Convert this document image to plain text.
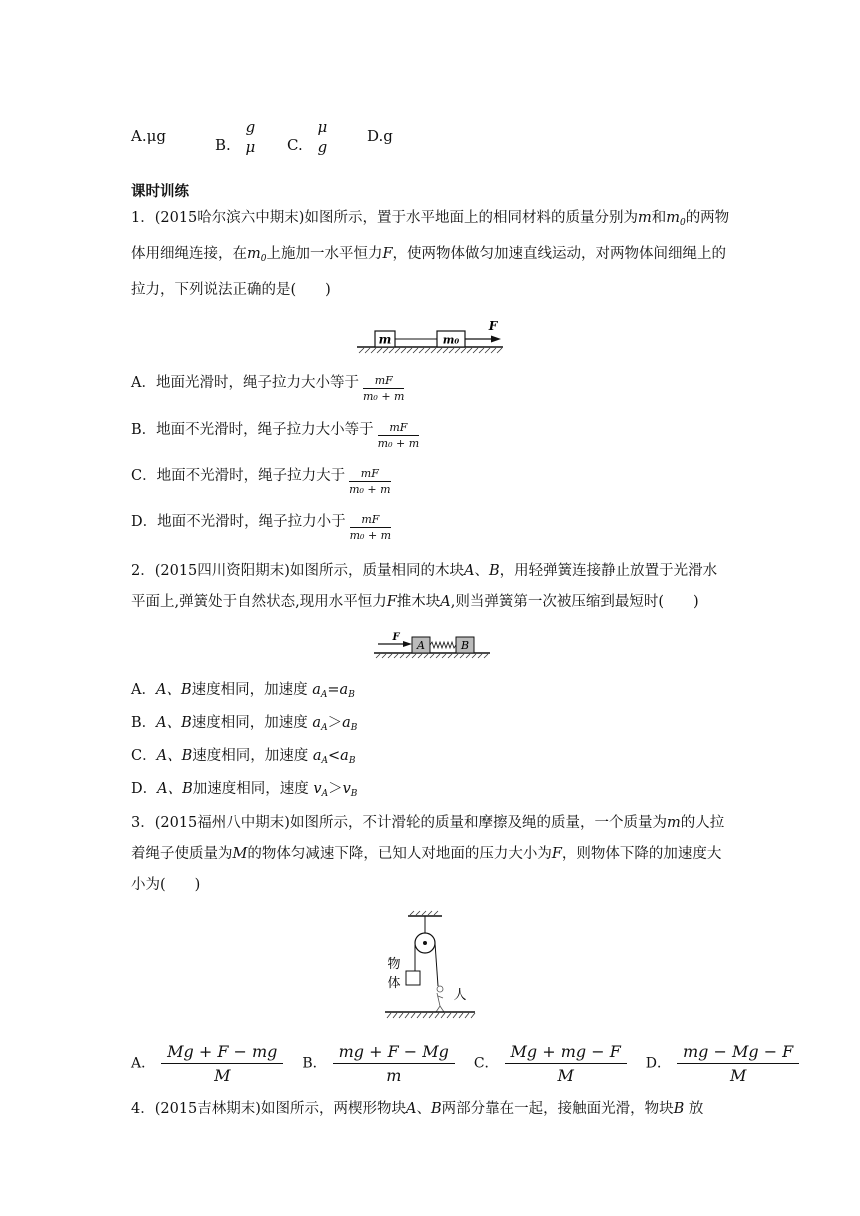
A.μg	B.
g
μ	C.
μ
g
D.g
课时训练
1．(2015哈尔滨六中期末)如图所示，置于水平地面上的相同材料的质量分别为m和$m_0$的两物体用细绳连接，在$m_0$上施加一水平恒力F，使两物体做匀加速直线运动，对两物体间细绳上的拉力，下列说法正确的是(　　)
m	m₀
F
A．地面光滑时，绳子拉力大小等于 $\frac{mF}{\text{m₀ + m}}$
B．地面不光滑时，绳子拉力大小等于 $\frac{mF}{\text{m₀ + m}}$
C．地面不光滑时，绳子拉力大于 $\frac{mF}{\text{m₀ + m}}$
D．地面不光滑时，绳子拉力小于 $\frac{mF}{\text{m₀ + m}}$
2．(2015四川资阳期末)如图所示，质量相同的木块A、B，用轻弹簧连接静止放置于光滑水平面上,弹簧处于自然状态,现用水平恒力F推木块A,则当弹簧第一次被压缩到最短时(　　)
F
A	B
A．A、B速度相同，加速度 $a_A=a_B$
B．A、B速度相同，加速度 $a_A>a_B$
C．A、B速度相同，加速度 $a_A<a_B$
D．A、B加速度相同，速度 $v_A>v_B$
3．(2015福州八中期末)如图所示，不计滑轮的质量和摩擦及绳的质量，一个质量为m的人拉着绳子使质量为M的物体匀减速下降，已知人对地面的压力大小为F，则物体下降的加速度大小为(　　)
物
体
人
A． $\frac{Mg + F - mg}{M}$ B． $\frac{mg + F - Mg}{m}$ C． $\frac{Mg + mg - F}{M}$ D． $\frac{mg - Mg - F}{M}$
4．(2015吉林期末)如图所示，两楔形物块A、B两部分靠在一起，接触面光滑，物块B 放
